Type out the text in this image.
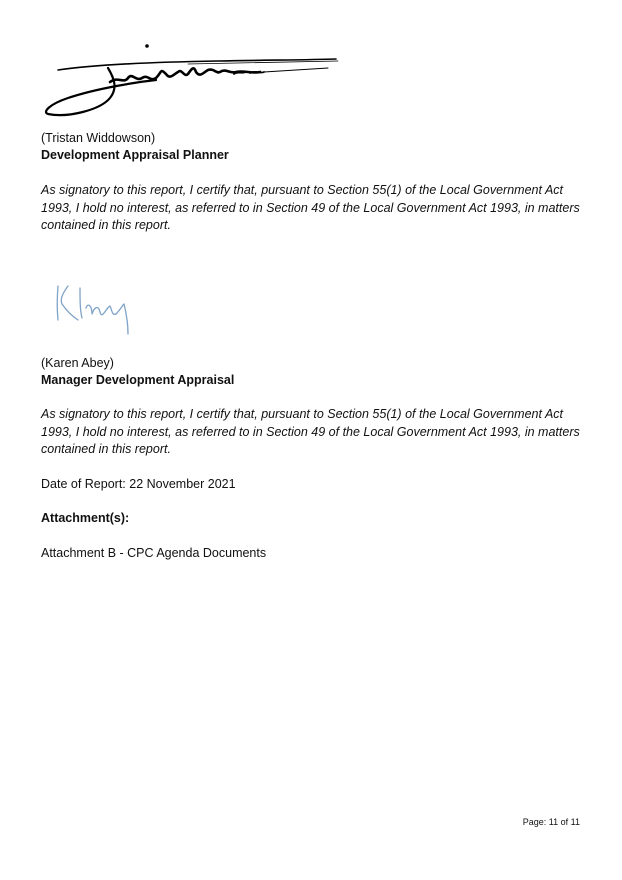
(Tristan Widdowson)
Development Appraisal Planner
As signatory to this report, I certify that, pursuant to Section 55(1) of the Local Government Act 1993, I hold no interest, as referred to in Section 49 of the Local Government Act 1993, in matters contained in this report.
(Karen Abey)
Manager Development Appraisal
As signatory to this report, I certify that, pursuant to Section 55(1) of the Local Government Act 1993, I hold no interest, as referred to in Section 49 of the Local Government Act 1993, in matters contained in this report.
Date of Report: 22 November 2021
Attachment(s):
Attachment B - CPC Agenda Documents
Page: 11 of 11
